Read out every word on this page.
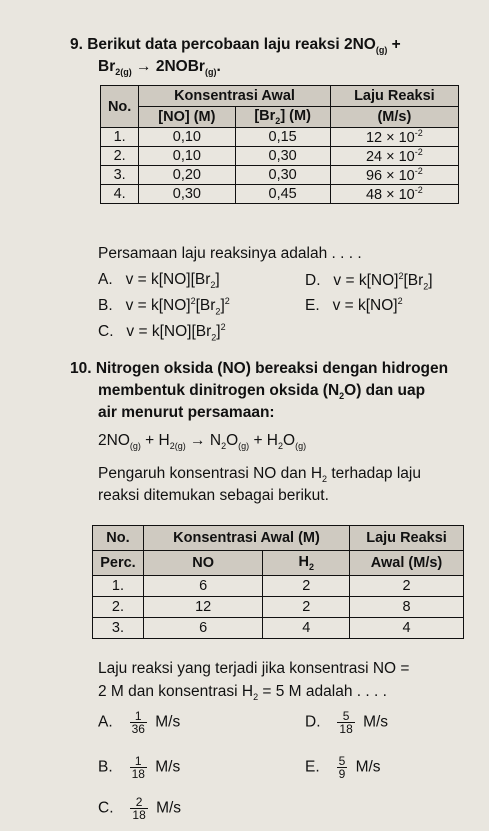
9. Berikut data percobaan laju reaksi $2NO_{(g)}$ +
$Br_{2(g)}$ → 2NOBr$_{(g)}$.
No.	Konsentrasi Awal		Laju Reaksi
	[NO] (M)	$[Br_2]$ (M)	(M/s)
1.	0,10	0,15	$12 \times 10^{-2}$
2.	0,10	0,30	$24 \times 10^{-2}$
3.	0,20	0,30	$96 \times 10^{-2}$
4.	0,30	0,45	$48 \times 10^{-2}$
Persamaan laju reaksinya adalah . . . .
A.   $v = k[NO][Br_2]$	D.   $v = k[NO]^2[Br_2]$
B.   $v = k[NO]^2[Br_2]^2$	E.   v = k[NO]$^2$
C.   $v = k[NO][Br_2]^2$
10. Nitrogen oksida (NO) bereaksi dengan hidrogen
membentuk dinitrogen oksida $(N_2O)$ dan uap
air menurut persamaan:
$2NO_{(g)} + H_{2(g)} \to N_2O_{(g)} + H_2O_{(g)}$
Pengaruh konsentrasi NO dan $H_2$ terhadap laju
reaksi ditemukan sebagai berikut.
No.	Konsentrasi Awal (M)		Laju Reaksi
Perc.	NO	$H_2$	Awal (M/s)
1.	6	2	2
2.	12	2	8
3.	6	4	4
Laju reaksi yang terjadi jika konsentrasi NO =
2 M dan konsentrasi $H_2 = 5$ M adalah . . . .
A. $\frac{1}{36} M/s$	D. $\frac{5}{18} M/s$
B. $\frac{1}{18} M/s$	E. $\frac{5}{9} M/s$
C. $\frac{2}{18} M/s$
